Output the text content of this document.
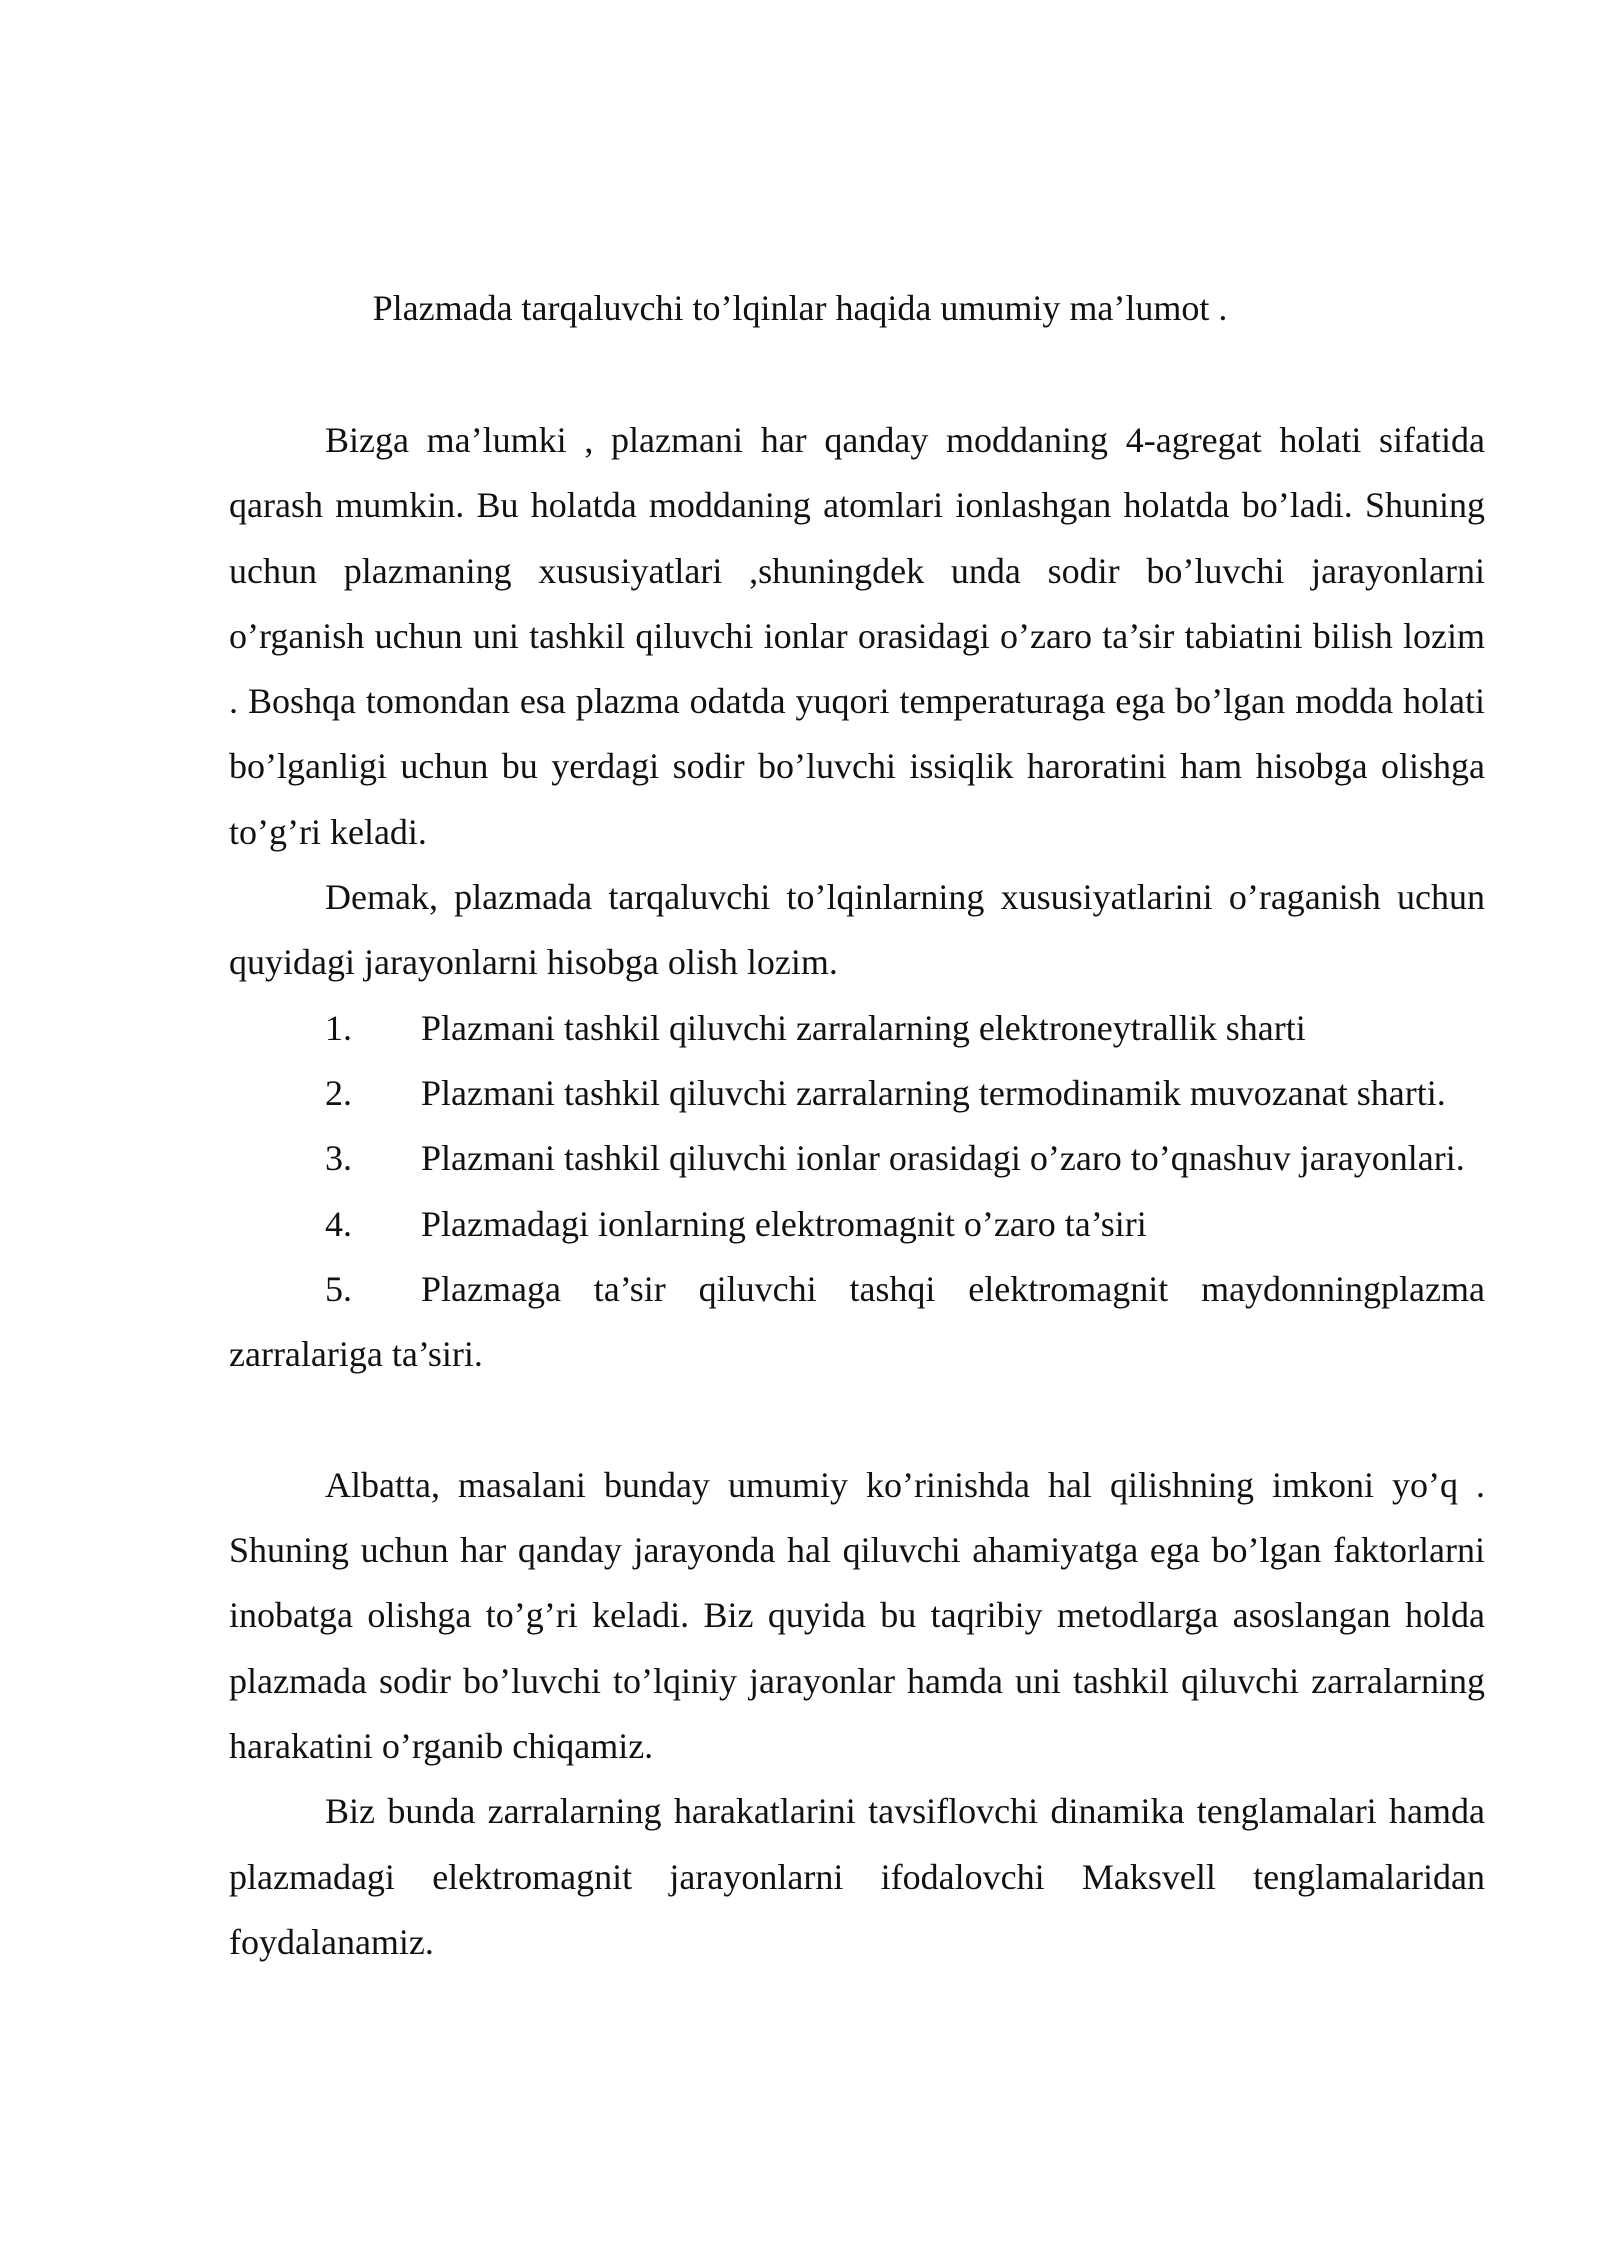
Plazmada tarqaluvchi to’lqinlar haqida umumiy ma’lumot .

Bizga ma’lumki , plazmani har qanday moddaning 4-agregat holati sifatida qarash mumkin. Bu holatda moddaning atomlari ionlashgan holatda bo’ladi. Shuning uchun plazmaning xususiyatlari ,shuningdek unda sodir bo’luvchi jarayonlarni o’rganish uchun uni tashkil qiluvchi ionlar orasidagi o’zaro ta’sir tabiatini bilish lozim . Boshqa tomondan esa plazma odatda yuqori temperaturaga ega bo’lgan modda holati bo’lganligi uchun bu yerdagi sodir bo’luvchi issiqlik haroratini ham hisobga olishga to’g’ri keladi.

Demak, plazmada tarqaluvchi to’lqinlarning xususiyatlarini o’raganish uchun quyidagi jarayonlarni hisobga olish lozim.

1. Plazmani tashkil qiluvchi zarralarning elektroneytrallik sharti

2. Plazmani tashkil qiluvchi zarralarning termodinamik muvozanat sharti.

3. Plazmani tashkil qiluvchi ionlar orasidagi o’zaro to’qnashuv jarayonlari.

4. Plazmadagi ionlarning elektromagnit o’zaro ta’siri

5. Plazmaga ta’sir qiluvchi tashqi elektromagnit maydonningplazma zarralariga ta’siri.

Albatta, masalani bunday umumiy ko’rinishda hal qilishning imkoni yo’q . Shuning uchun har qanday jarayonda hal qiluvchi ahamiyatga ega bo’lgan faktorlarni inobatga olishga to’g’ri keladi. Biz quyida bu taqribiy metodlarga asoslangan holda plazmada sodir bo’luvchi to’lqiniy jarayonlar hamda uni tashkil qiluvchi zarralarning harakatini o’rganib chiqamiz.

Biz bunda zarralarning harakatlarini tavsiflovchi dinamika tenglamalari hamda plazmadagi elektromagnit jarayonlarni ifodalovchi Maksvell tenglamalaridan foydalanamiz.
